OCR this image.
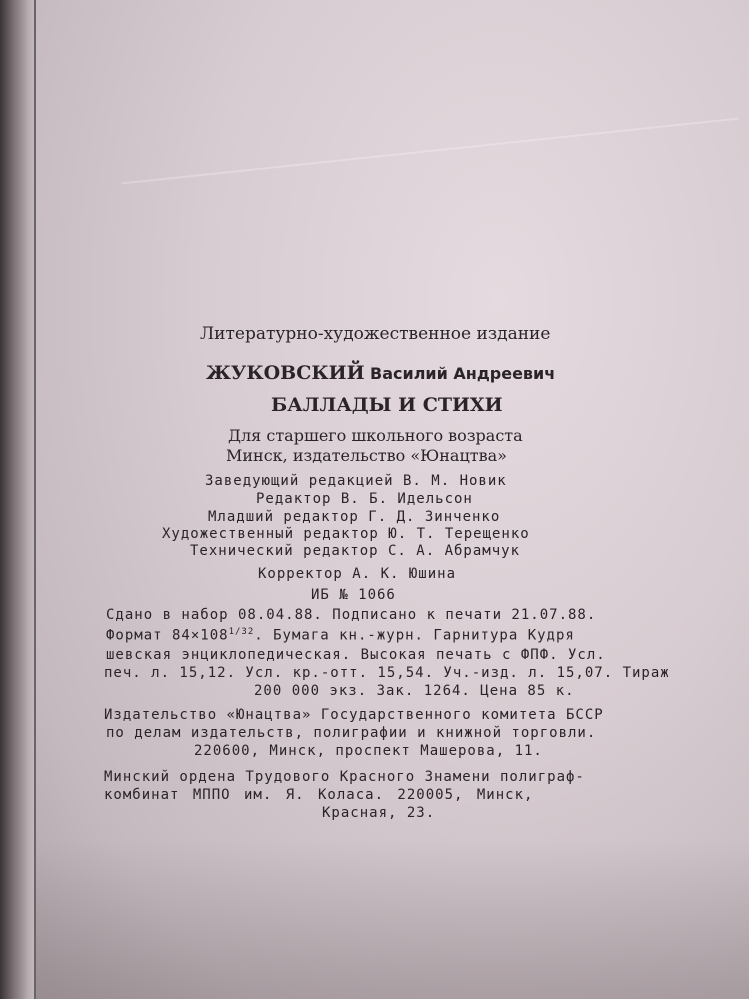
Литературно-художественное издание
ЖУКОВСКИЙ Василий Андреевич
БАЛЛАДЫ И СТИХИ
Для старшего школьного возраста
Минск, издательство «Юнацтва»
Заведующий редакцией В. М. Новик
Редактор В. Б. Идельсон
Младший редактор Г. Д. Зинченко
Художественный редактор Ю. Т. Терещенко
Технический редактор С. А. Абрамчук
Корректор А. К. Юшина
ИБ № 1066
Сдано в набор 08.04.88. Подписано к печати 21.07.88.
Формат $84\times 108^{1/32}$. Бумага кн.-журн. Гарнитура Кудря
шевская энциклопедическая. Высокая печать с ФПФ. Усл.
печ. л. 15,12. Усл. кр.-отт. 15,54. Уч.-изд. л. 15,07. Тираж
200 000 экз. Зак. 1264. Цена 85 к.
Издательство «Юнацтва» Государственного комитета БССР
по делам издательств, полиграфии и книжной торговли.
220600, Минск, проспект Машерова, 11.
Минский ордена Трудового Красного Знамени полиграф-
комбинат МППО им. Я. Коласа. 220005, Минск,
Красная, 23.
